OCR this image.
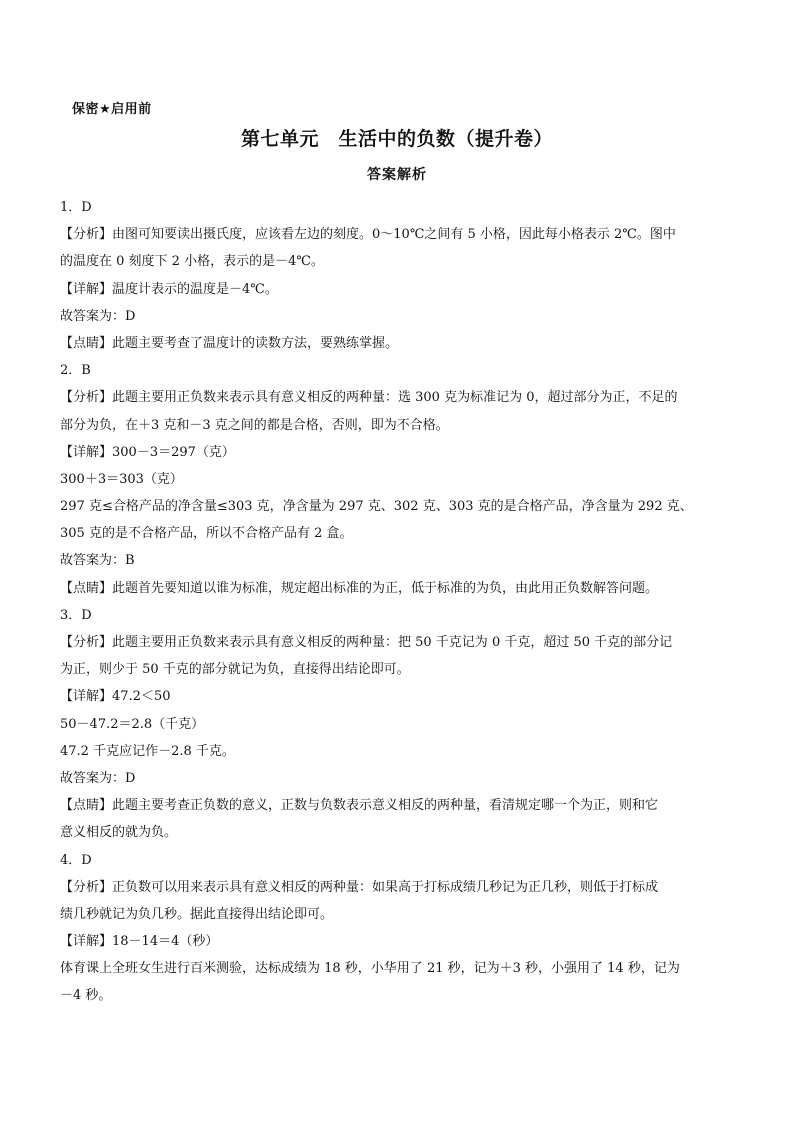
保密★启用前
第七单元　生活中的负数（提升卷）
答案解析
1．D
【分析】由图可知要读出摄氏度，应该看左边的刻度。0～10℃之间有 5 小格，因此每小格表示 2℃。图中
的温度在 0 刻度下 2 小格，表示的是－4℃。
【详解】温度计表示的温度是－4℃。
故答案为：D
【点睛】此题主要考查了温度计的读数方法，要熟练掌握。
2．B
【分析】此题主要用正负数来表示具有意义相反的两种量：选 300 克为标准记为 0，超过部分为正，不足的
部分为负，在＋3 克和－3 克之间的都是合格，否则，即为不合格。
【详解】300－3＝297（克）
300＋3＝303（克）
297 克≤合格产品的净含量≤303 克，净含量为 297 克、302 克、303 克的是合格产品，净含量为 292 克、
305 克的是不合格产品，所以不合格产品有 2 盒。
故答案为：B
【点睛】此题首先要知道以谁为标准，规定超出标准的为正，低于标准的为负，由此用正负数解答问题。
3．D
【分析】此题主要用正负数来表示具有意义相反的两种量：把 50 千克记为 0 千克，超过 50 千克的部分记
为正，则少于 50 千克的部分就记为负，直接得出结论即可。
【详解】47.2＜50
50－47.2＝2.8（千克）
47.2 千克应记作－2.8 千克。
故答案为：D
【点睛】此题主要考查正负数的意义，正数与负数表示意义相反的两种量，看清规定哪一个为正，则和它
意义相反的就为负。
4．D
【分析】正负数可以用来表示具有意义相反的两种量：如果高于打标成绩几秒记为正几秒，则低于打标成
绩几秒就记为负几秒。据此直接得出结论即可。
【详解】18－14＝4（秒）
体育课上全班女生进行百米测验，达标成绩为 18 秒，小华用了 21 秒，记为＋3 秒，小强用了 14 秒，记为
－4 秒。
